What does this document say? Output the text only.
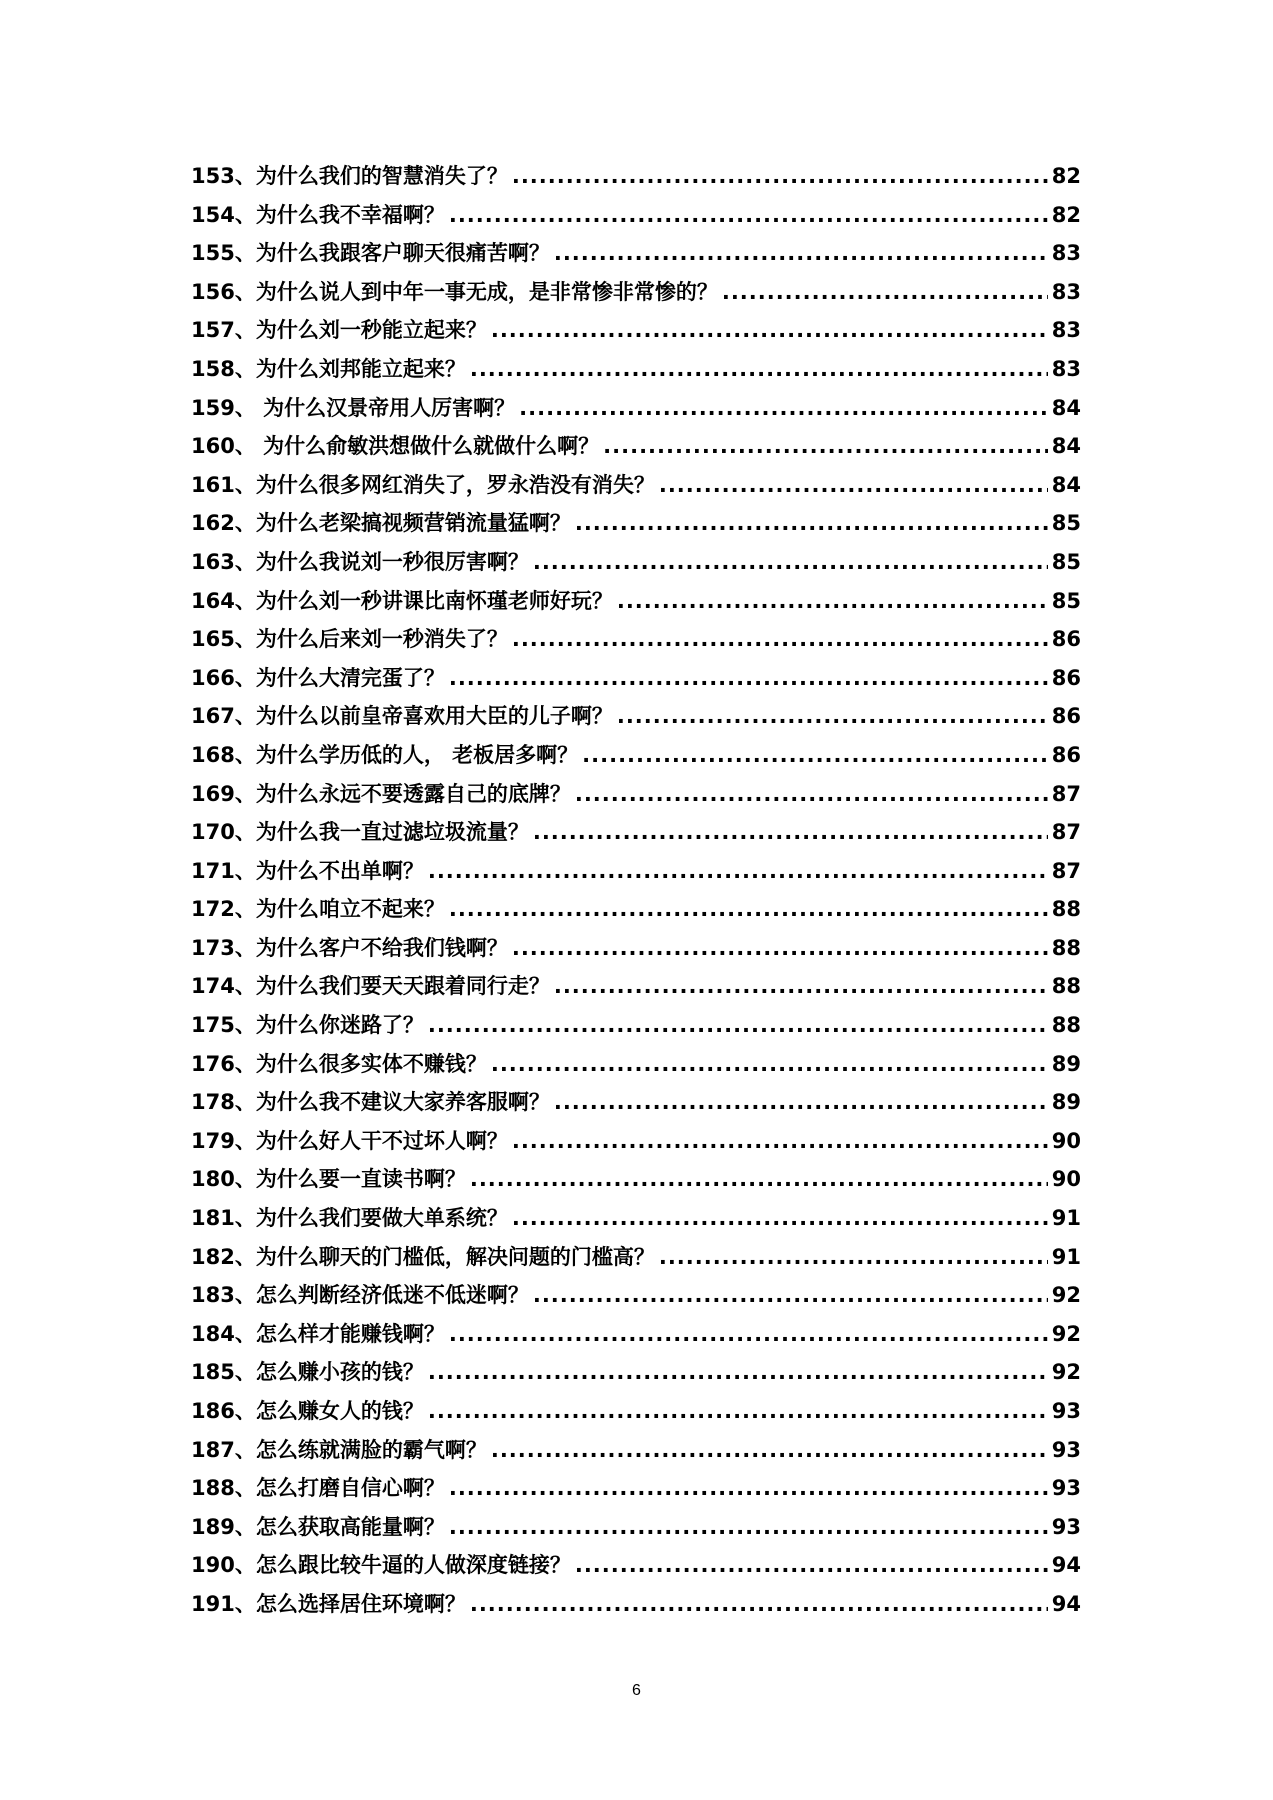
153、为什么我们的智慧消失了？ .....	82
154、为什么我不幸福啊？ .....	82
155、为什么我跟客户聊天很痛苦啊？ .....	83
156、为什么说人到中年一事无成，是非常惨非常惨的？ .....	83
157、为什么刘一秒能立起来？ .....	83
158、为什么刘邦能立起来？ .....	83
159、 为什么汉景帝用人厉害啊？ .....	84
160、 为什么俞敏洪想做什么就做什么啊？ .....	84
161、为什么很多网红消失了，罗永浩没有消失？ .....	84
162、为什么老梁搞视频营销流量猛啊？ .....	85
163、为什么我说刘一秒很厉害啊？ .....	85
164、为什么刘一秒讲课比南怀瑾老师好玩？ .....	85
165、为什么后来刘一秒消失了？ .....	86
166、为什么大清完蛋了？ .....	86
167、为什么以前皇帝喜欢用大臣的儿子啊？ .....	86
168、为什么学历低的人， 老板居多啊？ .....	86
169、为什么永远不要透露自己的底牌？ .....	87
170、为什么我一直过滤垃圾流量？ .....	87
171、为什么不出单啊？ .....	87
172、为什么咱立不起来？ .....	88
173、为什么客户不给我们钱啊？ .....	88
174、为什么我们要天天跟着同行走？ .....	88
175、为什么你迷路了？ .....	88
176、为什么很多实体不赚钱？ .....	89
178、为什么我不建议大家养客服啊？ .....	89
179、为什么好人干不过坏人啊？ .....	90
180、为什么要一直读书啊？ .....	90
181、为什么我们要做大单系统？ .....	91
182、为什么聊天的门槛低，解决问题的门槛高？ .....	91
183、怎么判断经济低迷不低迷啊？ .....	92
184、怎么样才能赚钱啊？ .....	92
185、怎么赚小孩的钱？ .....	92
186、怎么赚女人的钱？ .....	93
187、怎么练就满脸的霸气啊？ .....	93
188、怎么打磨自信心啊？ .....	93
189、怎么获取高能量啊？ .....	93
190、怎么跟比较牛逼的人做深度链接？ .....	94
191、怎么选择居住环境啊？ .....	94
6
